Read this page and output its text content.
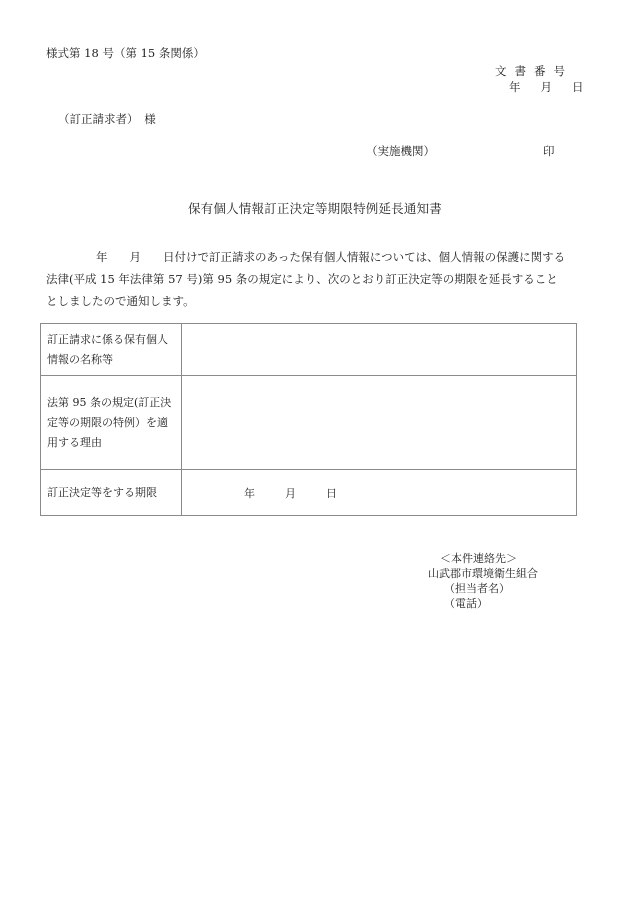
様式第 18 号（第 15 条関係）
文書番号
年 月 日
（訂正請求者）　様
（実施機関）	印
保有個人情報訂正決定等期限特例延長通知書

年 月 日付けで訂正請求のあった保有個人情報については、個人情報の保護に関する

法律(平成 15 年法律第 57 号)第 95 条の規定により、次のとおり訂正決定等の期限を延長すること

としましたので通知します。

訂正請求に係る保有個人情報の名称等	
法第 95 条の規定(訂正決定等の期限の特例）を適用する理由	
訂正決定等をする期限	年 月 日
＜本件連絡先＞
山武郡市環境衛生組合
（担当者名）
（電話）
